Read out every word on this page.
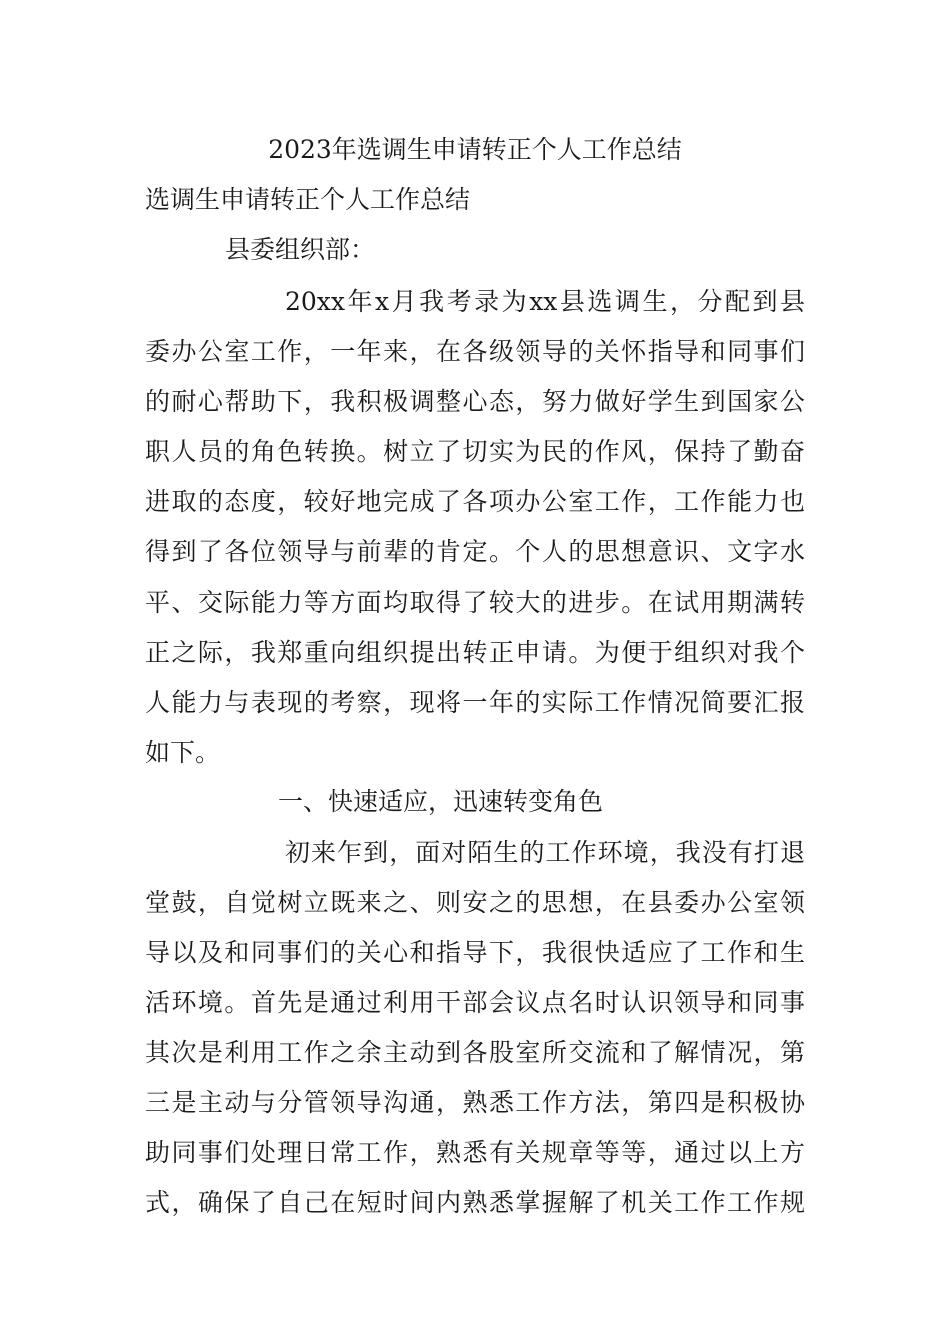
2023年选调生申请转正个人工作总结
选调生申请转正个人工作总结
县委组织部：
20xx年x月我考录为xx县选调生，分配到县
委办公室工作，一年来，在各级领导的关怀指导和同事们
的耐心帮助下，我积极调整心态，努力做好学生到国家公
职人员的角色转换。树立了切实为民的作风，保持了勤奋
进取的态度，较好地完成了各项办公室工作，工作能力也
得到了各位领导与前辈的肯定。个人的思想意识、文字水
平、交际能力等方面均取得了较大的进步。在试用期满转
正之际，我郑重向组织提出转正申请。为便于组织对我个
人能力与表现的考察，现将一年的实际工作情况简要汇报
如下。
一、快速适应，迅速转变角色
初来乍到，面对陌生的工作环境，我没有打退
堂鼓，自觉树立既来之、则安之的思想，在县委办公室领
导以及和同事们的关心和指导下，我很快适应了工作和生
活环境。首先是通过利用干部会议点名时认识领导和同事
其次是利用工作之余主动到各股室所交流和了解情况，第
三是主动与分管领导沟通，熟悉工作方法，第四是积极协
助同事们处理日常工作，熟悉有关规章等等，通过以上方
式，确保了自己在短时间内熟悉掌握解了机关工作工作规
